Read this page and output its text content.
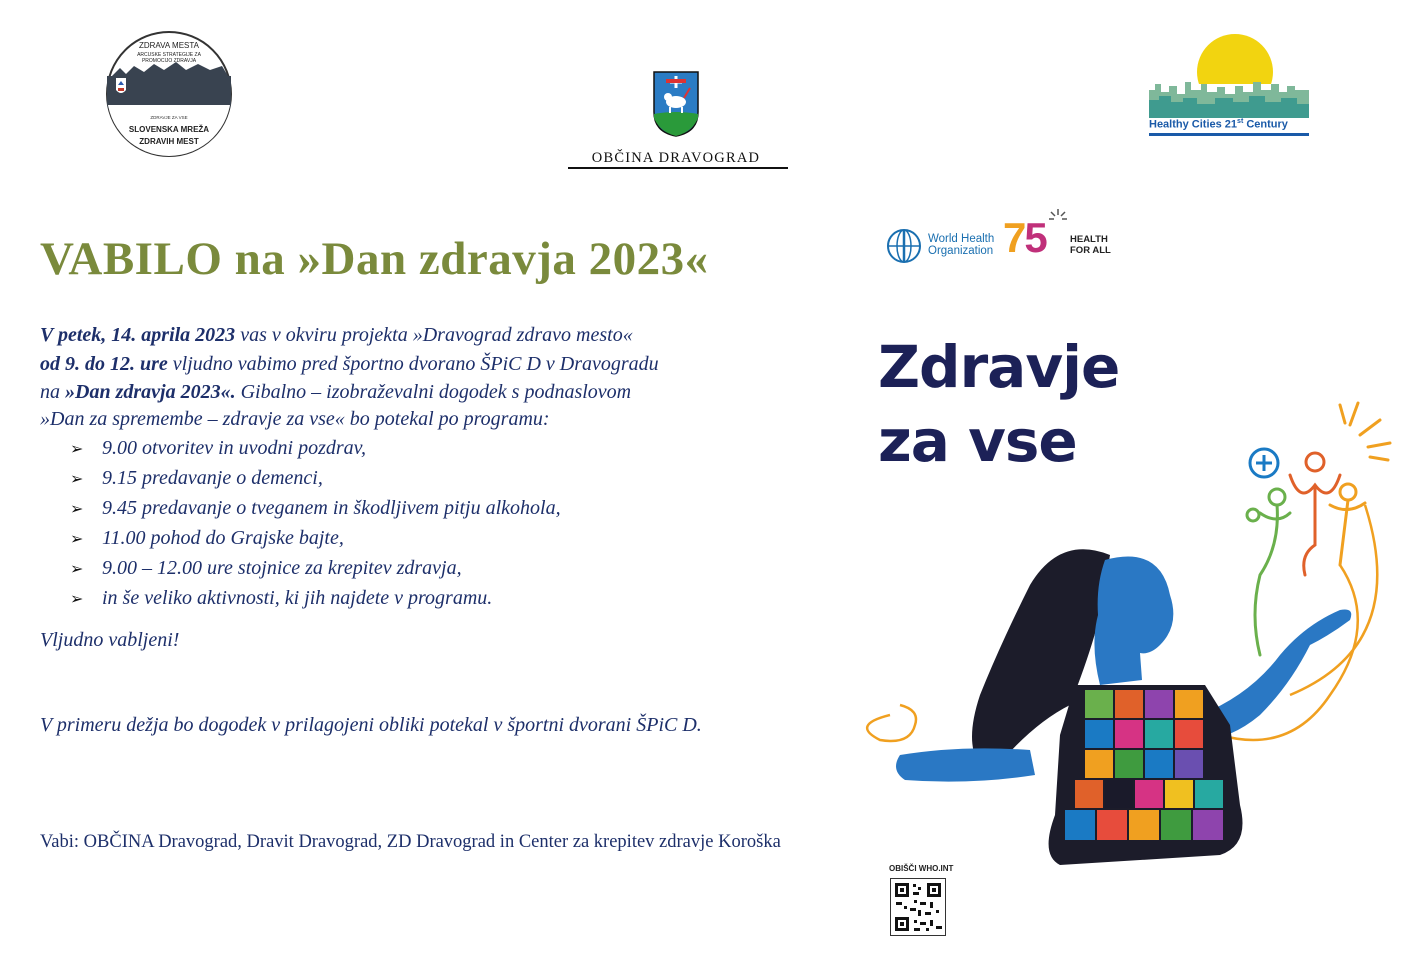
ZDRAVA MESTA
ARCUSKE STRATEGIJE ZA
PROMOCIJO ZDRAVJA
ZDRAVJE ZA VSE
SLOVENSKA MREŽA
ZDRAVIH MEST
OBČINA DRAVOGRAD
Healthy Cities 21st Century
World Health
Organization 75	HEALTH
FOR ALL
VABILO na »Dan zdravja 2023«
V petek, 14. aprila 2023 vas v okviru projekta »Dravograd zdravo mesto«
od 9. do 12. ure vljudno vabimo pred športno dvorano ŠPiC D v Dravogradu
na »Dan zdravja 2023«. Gibalno – izobraževalni dogodek s podnaslovom
»Dan za spremembe – zdravje za vse« bo potekal po programu:
➢ 9.00 otvoritev in uvodni pozdrav,
➢ 9.15 predavanje o demenci,
➢ 9.45 predavanje o tveganem in škodljivem pitju alkohola,
➢ 11.00 pohod do Grajske bajte,
➢ 9.00 – 12.00 ure stojnice za krepitev zdravja,
➢ in še veliko aktivnosti, ki jih najdete v programu.
Vljudno vabljeni!
V primeru dežja bo dogodek v prilagojeni obliki potekal v športni dvorani ŠPiC D.
Vabi: OBČINA Dravograd, Dravit Dravograd, ZD Dravograd in Center za krepitev zdravje Koroška
Zdravje
za vse
OBIŠČI WHO.INT
